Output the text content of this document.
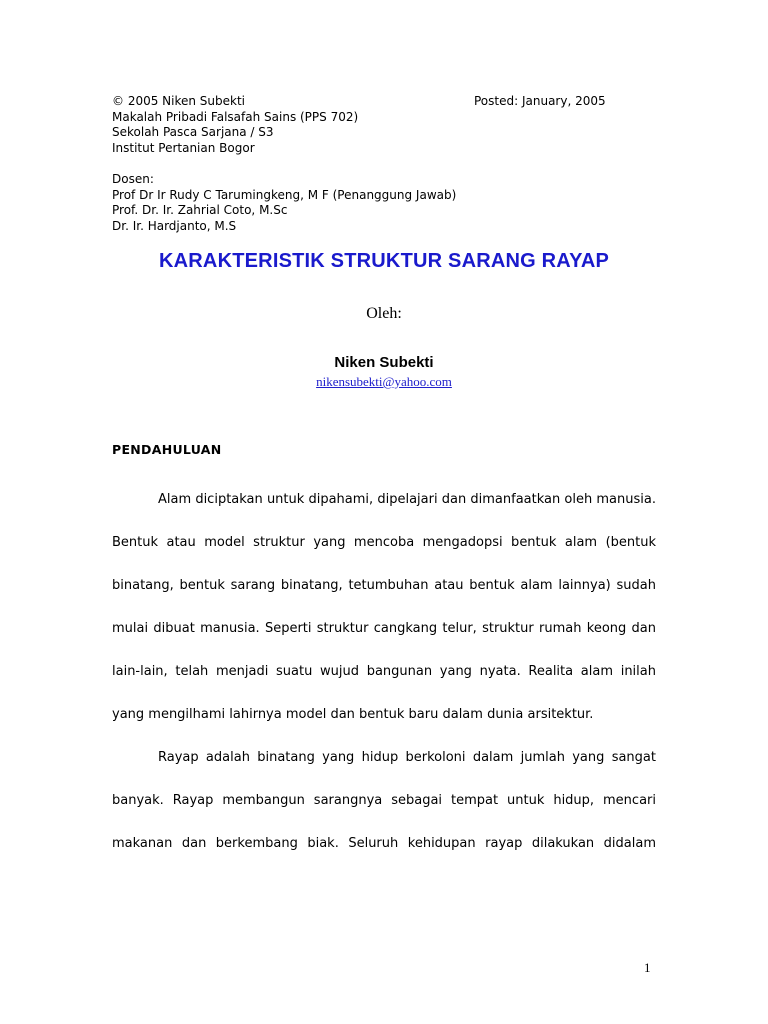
© 2005 Niken Subekti
Makalah Pribadi Falsafah Sains (PPS 702)
Sekolah Pasca Sarjana / S3
Institut Pertanian Bogor
Posted: January, 2005
Dosen:
Prof Dr Ir Rudy C Tarumingkeng, M F (Penanggung Jawab)
Prof. Dr. Ir. Zahrial Coto, M.Sc
Dr. Ir. Hardjanto, M.S
KARAKTERISTIK STRUKTUR SARANG RAYAP
Oleh:
Niken Subekti
nikensubekti@yahoo.com
PENDAHULUAN

Alam diciptakan untuk dipahami, dipelajari dan dimanfaatkan oleh manusia. Bentuk atau model struktur yang mencoba mengadopsi bentuk alam (bentuk binatang, bentuk sarang binatang, tetumbuhan atau bentuk alam lainnya) sudah mulai dibuat manusia. Seperti struktur cangkang telur, struktur rumah keong dan lain-lain, telah menjadi suatu wujud bangunan yang nyata. Realita alam inilah yang mengilhami lahirnya model dan bentuk baru dalam dunia arsitektur.

Rayap adalah binatang yang hidup berkoloni dalam jumlah yang sangat banyak. Rayap membangun sarangnya sebagai tempat untuk hidup, mencari makanan dan berkembang biak. Seluruh kehidupan rayap dilakukan didalam

1
